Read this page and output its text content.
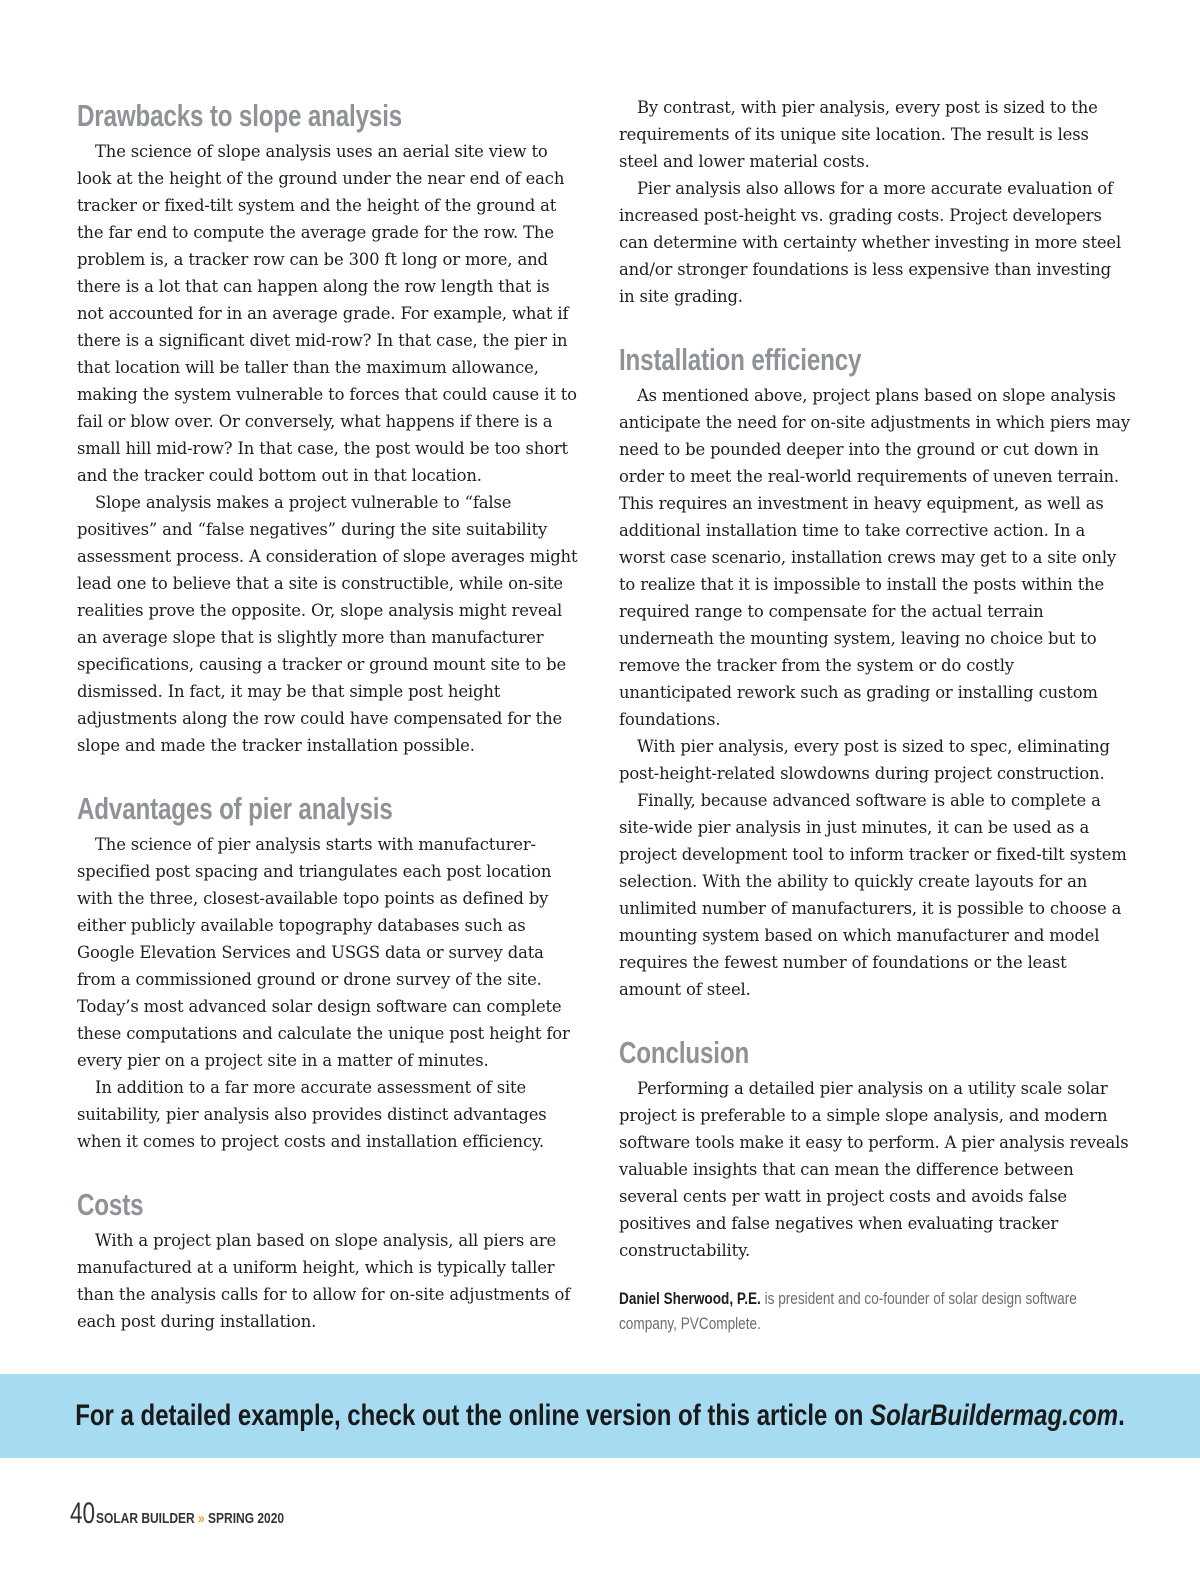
Drawbacks to slope analysis

The science of slope analysis uses an aerial site view to look at the height of the ground under the near end of each tracker or fixed-tilt system and the height of the ground at the far end to compute the average grade for the row. The problem is, a tracker row can be 300 ft long or more, and there is a lot that can happen along the row length that is not accounted for in an average grade. For example, what if there is a significant divet mid-row? In that case, the pier in that location will be taller than the maximum allowance, making the system vulnerable to forces that could cause it to fail or blow over. Or conversely, what happens if there is a small hill mid-row? In that case, the post would be too short and the tracker could bottom out in that location.

Slope analysis makes a project vulnerable to “false positives” and “false negatives” during the site suitability assessment process. A consideration of slope averages might lead one to believe that a site is constructible, while on-site realities prove the opposite. Or, slope analysis might reveal an average slope that is slightly more than manufacturer specifications, causing a tracker or ground mount site to be dismissed. In fact, it may be that simple post height adjustments along the row could have compensated for the slope and made the tracker installation possible.

Advantages of pier analysis

The science of pier analysis starts with manufacturer-specified post spacing and triangulates each post location with the three, closest-available topo points as defined by either publicly available topography databases such as Google Elevation Services and USGS data or survey data from a commissioned ground or drone survey of the site. Today’s most advanced solar design software can complete these computations and calculate the unique post height for every pier on a project site in a matter of minutes.

In addition to a far more accurate assessment of site suitability, pier analysis also provides distinct advantages when it comes to project costs and installation efficiency.

Costs

With a project plan based on slope analysis, all piers are manufactured at a uniform height, which is typically taller than the analysis calls for to allow for on-site adjustments of each post during installation.

By contrast, with pier analysis, every post is sized to the requirements of its unique site location. The result is less steel and lower material costs.

Pier analysis also allows for a more accurate evaluation of increased post-height vs. grading costs. Project developers can determine with certainty whether investing in more steel and/or stronger foundations is less expensive than investing in site grading.

Installation efficiency

As mentioned above, project plans based on slope analysis anticipate the need for on-site adjustments in which piers may need to be pounded deeper into the ground or cut down in order to meet the real-world requirements of uneven terrain. This requires an investment in heavy equipment, as well as additional installation time to take corrective action. In a worst case scenario, installation crews may get to a site only to realize that it is impossible to install the posts within the required range to compensate for the actual terrain underneath the mounting system, leaving no choice but to remove the tracker from the system or do costly unanticipated rework such as grading or installing custom foundations.

With pier analysis, every post is sized to spec, eliminating post-height-related slowdowns during project construction.

Finally, because advanced software is able to complete a site-wide pier analysis in just minutes, it can be used as a project development tool to inform tracker or fixed-tilt system selection. With the ability to quickly create layouts for an unlimited number of manufacturers, it is possible to choose a mounting system based on which manufacturer and model requires the fewest number of foundations or the least amount of steel.

Conclusion

Performing a detailed pier analysis on a utility scale solar project is preferable to a simple slope analysis, and modern software tools make it easy to perform. A pier analysis reveals valuable insights that can mean the difference between several cents per watt in project costs and avoids false positives and false negatives when evaluating tracker constructability.

Daniel Sherwood, P.E. is president and co-founder of solar design software company, PVComplete.
For a detailed example, check out the online version of this article on SolarBuildermag.com.
40 SOLAR BUILDER » SPRING 2020
